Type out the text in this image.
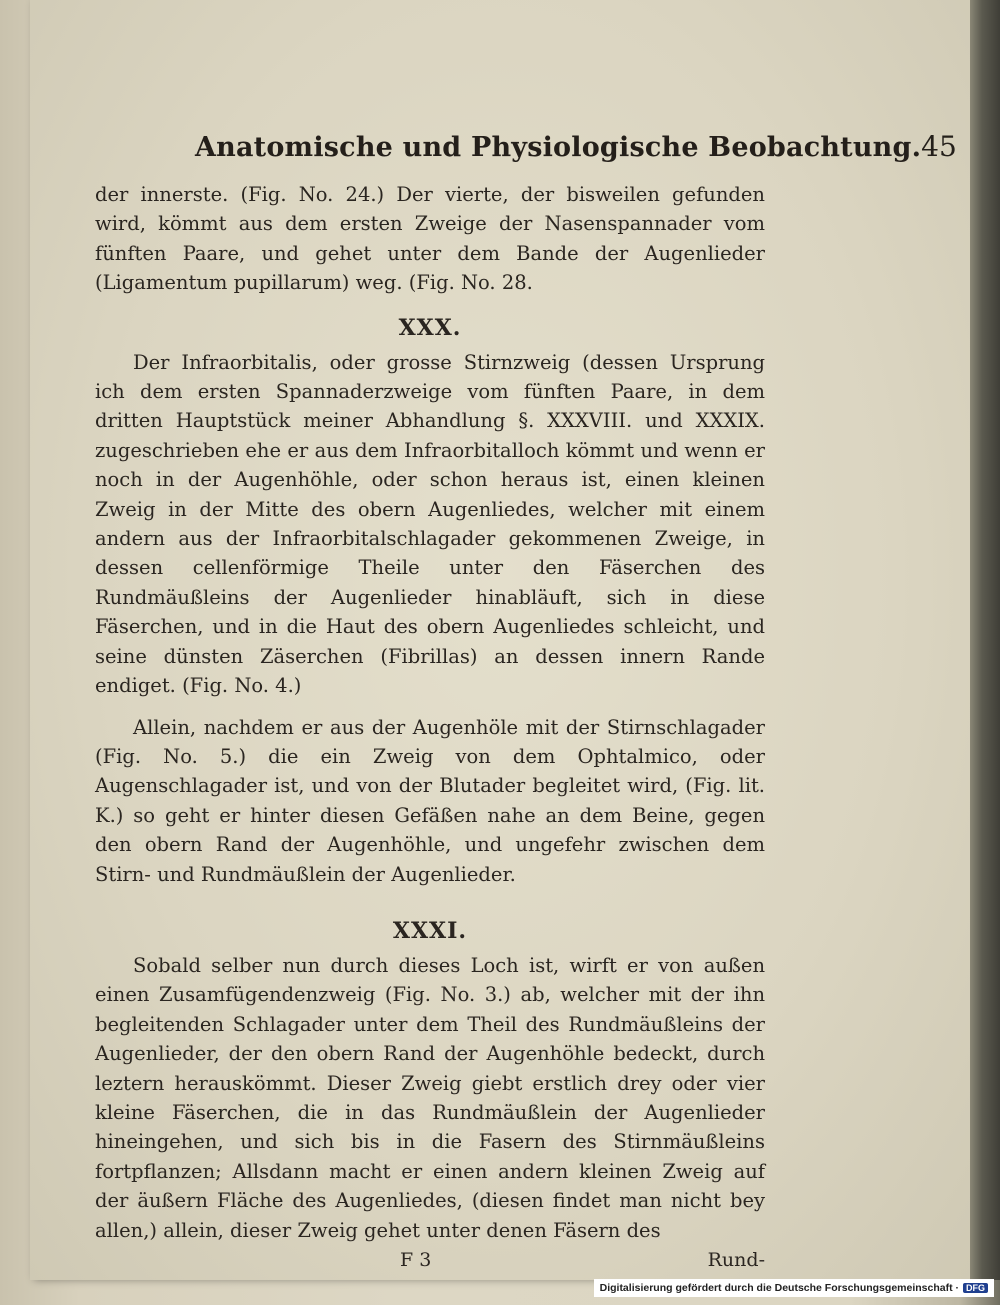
Anatomische und Physiologische Beobachtung. 45

der innerste. (Fig. No. 24.) Der vierte, der bisweilen gefunden wird, kömmt aus dem ersten Zweige der Nasenspannader vom fünften Paare, und gehet unter dem Bande der Augenlieder (Ligamentum pupillarum) weg. (Fig. No. 28.

XXX.

Der Infraorbitalis, oder grosse Stirnzweig (dessen Ursprung ich dem ersten Spannaderzweige vom fünften Paare, in dem dritten Hauptstück meiner Abhandlung §. XXXVIII. und XXXIX. zugeschrieben ehe er aus dem Infraorbitalloch kömmt und wenn er noch in der Augenhöhle, oder schon heraus ist, einen kleinen Zweig in der Mitte des obern Augenliedes, welcher mit einem andern aus der Infraorbitalschlagader gekommenen Zweige, in dessen cellenförmige Theile unter den Fäserchen des Rundmäußleins der Augenlieder hinabläuft, sich in diese Fäserchen, und in die Haut des obern Augenliedes schleicht, und seine dünsten Zäserchen (Fibrillas) an dessen innern Rande endiget. (Fig. No. 4.)

Allein, nachdem er aus der Augenhöle mit der Stirnschlagader (Fig. No. 5.) die ein Zweig von dem Ophtalmico, oder Augenschlagader ist, und von der Blutader begleitet wird, (Fig. lit. K.) so geht er hinter diesen Gefäßen nahe an dem Beine, gegen den obern Rand der Augenhöhle, und ungefehr zwischen dem Stirn- und Rundmäußlein der Augenlieder.

XXXI.

Sobald selber nun durch dieses Loch ist, wirft er von außen einen Zusamfügendenzweig (Fig. No. 3.) ab, welcher mit der ihn begleitenden Schlagader unter dem Theil des Rundmäußleins der Augenlieder, der den obern Rand der Augenhöhle bedeckt, durch leztern herauskömmt. Dieser Zweig giebt erstlich drey oder vier kleine Fäserchen, die in das Rundmäußlein der Augenlieder hineingehen, und sich bis in die Fasern des Stirnmäußleins fortpflanzen; Allsdann macht er einen andern kleinen Zweig auf der äußern Fläche des Augenliedes, (diesen findet man nicht bey allen,) allein, dieser Zweig gehet unter denen Fäsern des

F 3	Rund-
Digitalisierung gefördert durch die Deutsche Forschungsgemeinschaft · DFG
